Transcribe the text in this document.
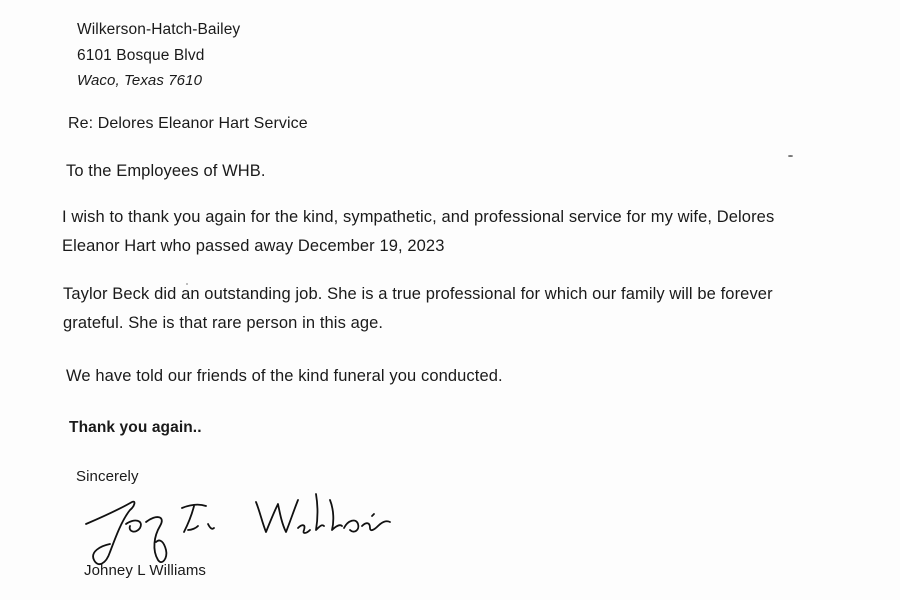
Wilkerson-Hatch-Bailey
6101 Bosque Blvd
Waco, Texas 7610
Re: Delores Eleanor Hart Service
To the Employees of WHB.
I wish to thank you again for the kind, sympathetic, and professional service for my wife, Delores
Eleanor Hart who passed away December 19, 2023
Taylor Beck did an outstanding job. She is a true professional for which our family will be forever
grateful. She is that rare person in this age.
We have told our friends of the kind funeral you conducted.
Thank you again..
Sincerely
Johney L Williams
